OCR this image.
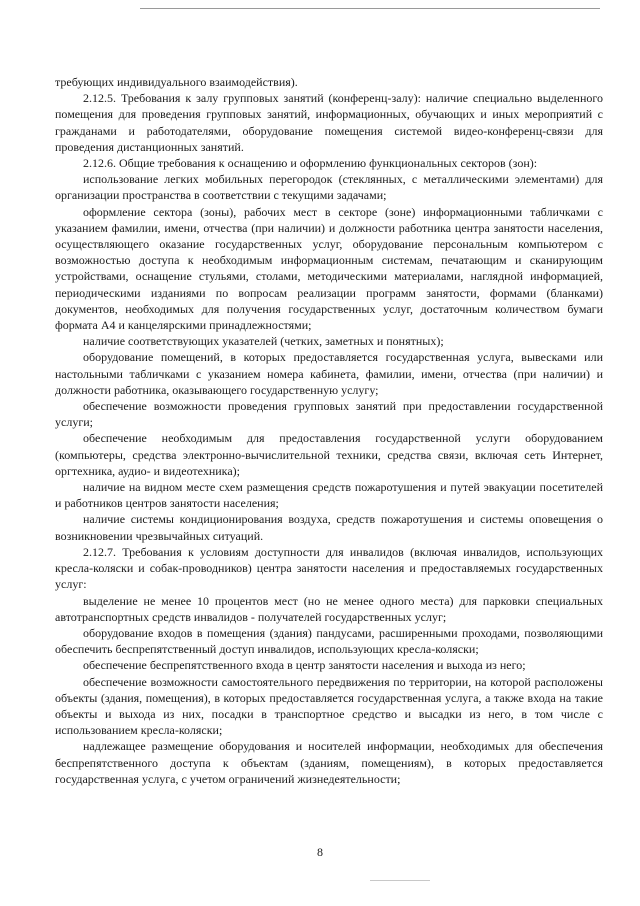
требующих индивидуального взаимодействия).

2.12.5. Требования к залу групповых занятий (конференц-залу): наличие специально выделенного помещения для проведения групповых занятий, информационных, обучающих и иных мероприятий с гражданами и работодателями, оборудование помещения системой видео-конференц-связи для проведения дистанционных занятий.

2.12.6. Общие требования к оснащению и оформлению функциональных секторов (зон):

использование легких мобильных перегородок (стеклянных, с металлическими элементами) для организации пространства в соответствии с текущими задачами;

оформление сектора (зоны), рабочих мест в секторе (зоне) информационными табличками с указанием фамилии, имени, отчества (при наличии) и должности работника центра занятости населения, осуществляющего оказание государственных услуг, оборудование персональным компьютером с возможностью доступа к необходимым информационным системам, печатающим и сканирующим устройствами, оснащение стульями, столами, методическими материалами, наглядной информацией, периодическими изданиями по вопросам реализации программ занятости, формами (бланками) документов, необходимых для получения государственных услуг, достаточным количеством бумаги формата А4 и канцелярскими принадлежностями;

наличие соответствующих указателей (четких, заметных и понятных);

оборудование помещений, в которых предоставляется государственная услуга, вывесками или настольными табличками с указанием номера кабинета, фамилии, имени, отчества (при наличии) и должности работника, оказывающего государственную услугу;

обеспечение возможности проведения групповых занятий при предоставлении государственной услуги;

обеспечение необходимым для предоставления государственной услуги оборудованием (компьютеры, средства электронно-вычислительной техники, средства связи, включая сеть Интернет, оргтехника, аудио- и видеотехника);

наличие на видном месте схем размещения средств пожаротушения и путей эвакуации посетителей и работников центров занятости населения;

наличие системы кондиционирования воздуха, средств пожаротушения и системы оповещения о возникновении чрезвычайных ситуаций.

2.12.7. Требования к условиям доступности для инвалидов (включая инвалидов, использующих кресла-коляски и собак-проводников) центра занятости населения и предоставляемых государственных услуг:

выделение не менее 10 процентов мест (но не менее одного места) для парковки специальных автотранспортных средств инвалидов - получателей государственных услуг;

оборудование входов в помещения (здания) пандусами, расширенными проходами, позволяющими обеспечить беспрепятственный доступ инвалидов, использующих кресла-коляски;

обеспечение беспрепятственного входа в центр занятости населения и выхода из него;

обеспечение возможности самостоятельного передвижения по территории, на которой расположены объекты (здания, помещения), в которых предоставляется государственная услуга, а также входа на такие объекты и выхода из них, посадки в транспортное средство и высадки из него, в том числе с использованием кресла-коляски;

надлежащее размещение оборудования и носителей информации, необходимых для обеспечения беспрепятственного доступа к объектам (зданиям, помещениям), в которых предоставляется государственная услуга, с учетом ограничений жизнедеятельности;

8
